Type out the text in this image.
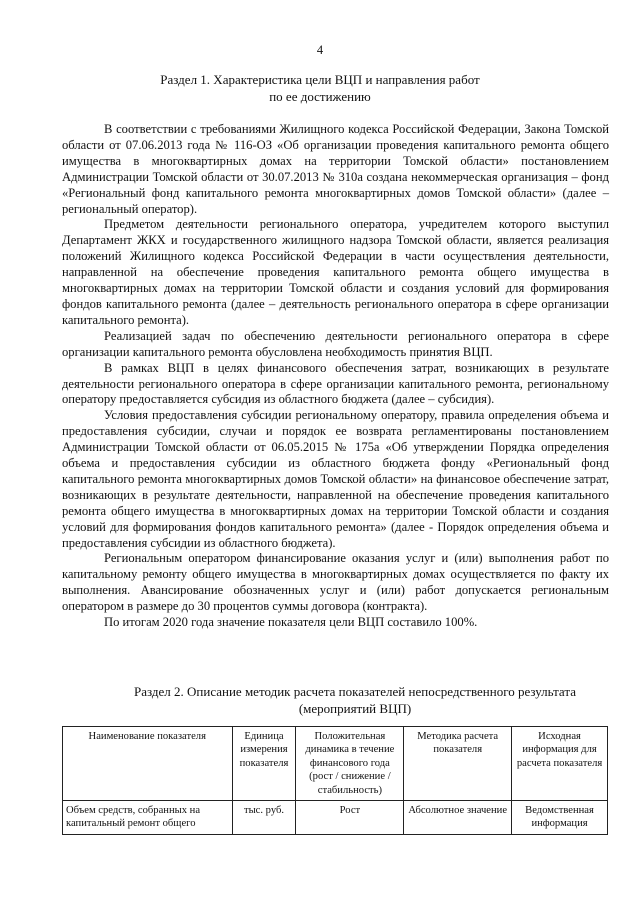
4
Раздел 1. Характеристика цели ВЦП и направления работ
по ее достижению

В соответствии с требованиями Жилищного кодекса Российской Федерации, Закона Томской области от 07.06.2013 года № 116-ОЗ «Об организации проведения капитального ремонта общего имущества в многоквартирных домах на территории Томской области» постановлением Администрации Томской области от 30.07.2013 № 310а создана некоммерческая организация – фонд «Региональный фонд капитального ремонта многоквартирных домов Томской области» (далее – региональный оператор).

Предметом деятельности регионального оператора, учредителем которого выступил Департамент ЖКХ и государственного жилищного надзора Томской области, является реализация положений Жилищного кодекса Российской Федерации в части осуществления деятельности, направленной на обеспечение проведения капитального ремонта общего имущества в многоквартирных домах на территории Томской области и создания условий для формирования фондов капитального ремонта (далее – деятельность регионального оператора в сфере организации капитального ремонта).

Реализацией задач по обеспечению деятельности регионального оператора в сфере организации капитального ремонта обусловлена необходимость принятия ВЦП.

В рамках ВЦП в целях финансового обеспечения затрат, возникающих в результате деятельности регионального оператора в сфере организации капитального ремонта, региональному оператору предоставляется субсидия из областного бюджета (далее – субсидия).

Условия предоставления субсидии региональному оператору, правила определения объема и предоставления субсидии, случаи и порядок ее возврата регламентированы постановлением Администрации Томской области от 06.05.2015 № 175а «Об утверждении Порядка определения объема и предоставления субсидии из областного бюджета фонду «Региональный фонд капитального ремонта многоквартирных домов Томской области» на финансовое обеспечение затрат, возникающих в результате деятельности, направленной на обеспечение проведения капитального ремонта общего имущества в многоквартирных домах на территории Томской области и создания условий для формирования фондов капитального ремонта» (далее - Порядок определения объема и предоставления субсидии из областного бюджета).

Региональным оператором финансирование оказания услуг и (или) выполнения работ по капитальному ремонту общего имущества в многоквартирных домах осуществляется по факту их выполнения. Авансирование обозначенных услуг и (или) работ допускается региональным оператором в размере до 30 процентов суммы договора (контракта).

По итогам 2020 года значение показателя цели ВЦП составило 100%.

Раздел 2. Описание методик расчета показателей непосредственного результата
(мероприятий ВЦП)
Наименование показателя	Единица измерения показателя	Положительная динамика в течение финансового года (рост / снижение / стабильность)	Методика расчета показателя	Исходная информация для расчета показателя
Объем средств, собранных на капитальный ремонт общего	тыс. руб.	Рост	Абсолютное значение	Ведомственная информация
